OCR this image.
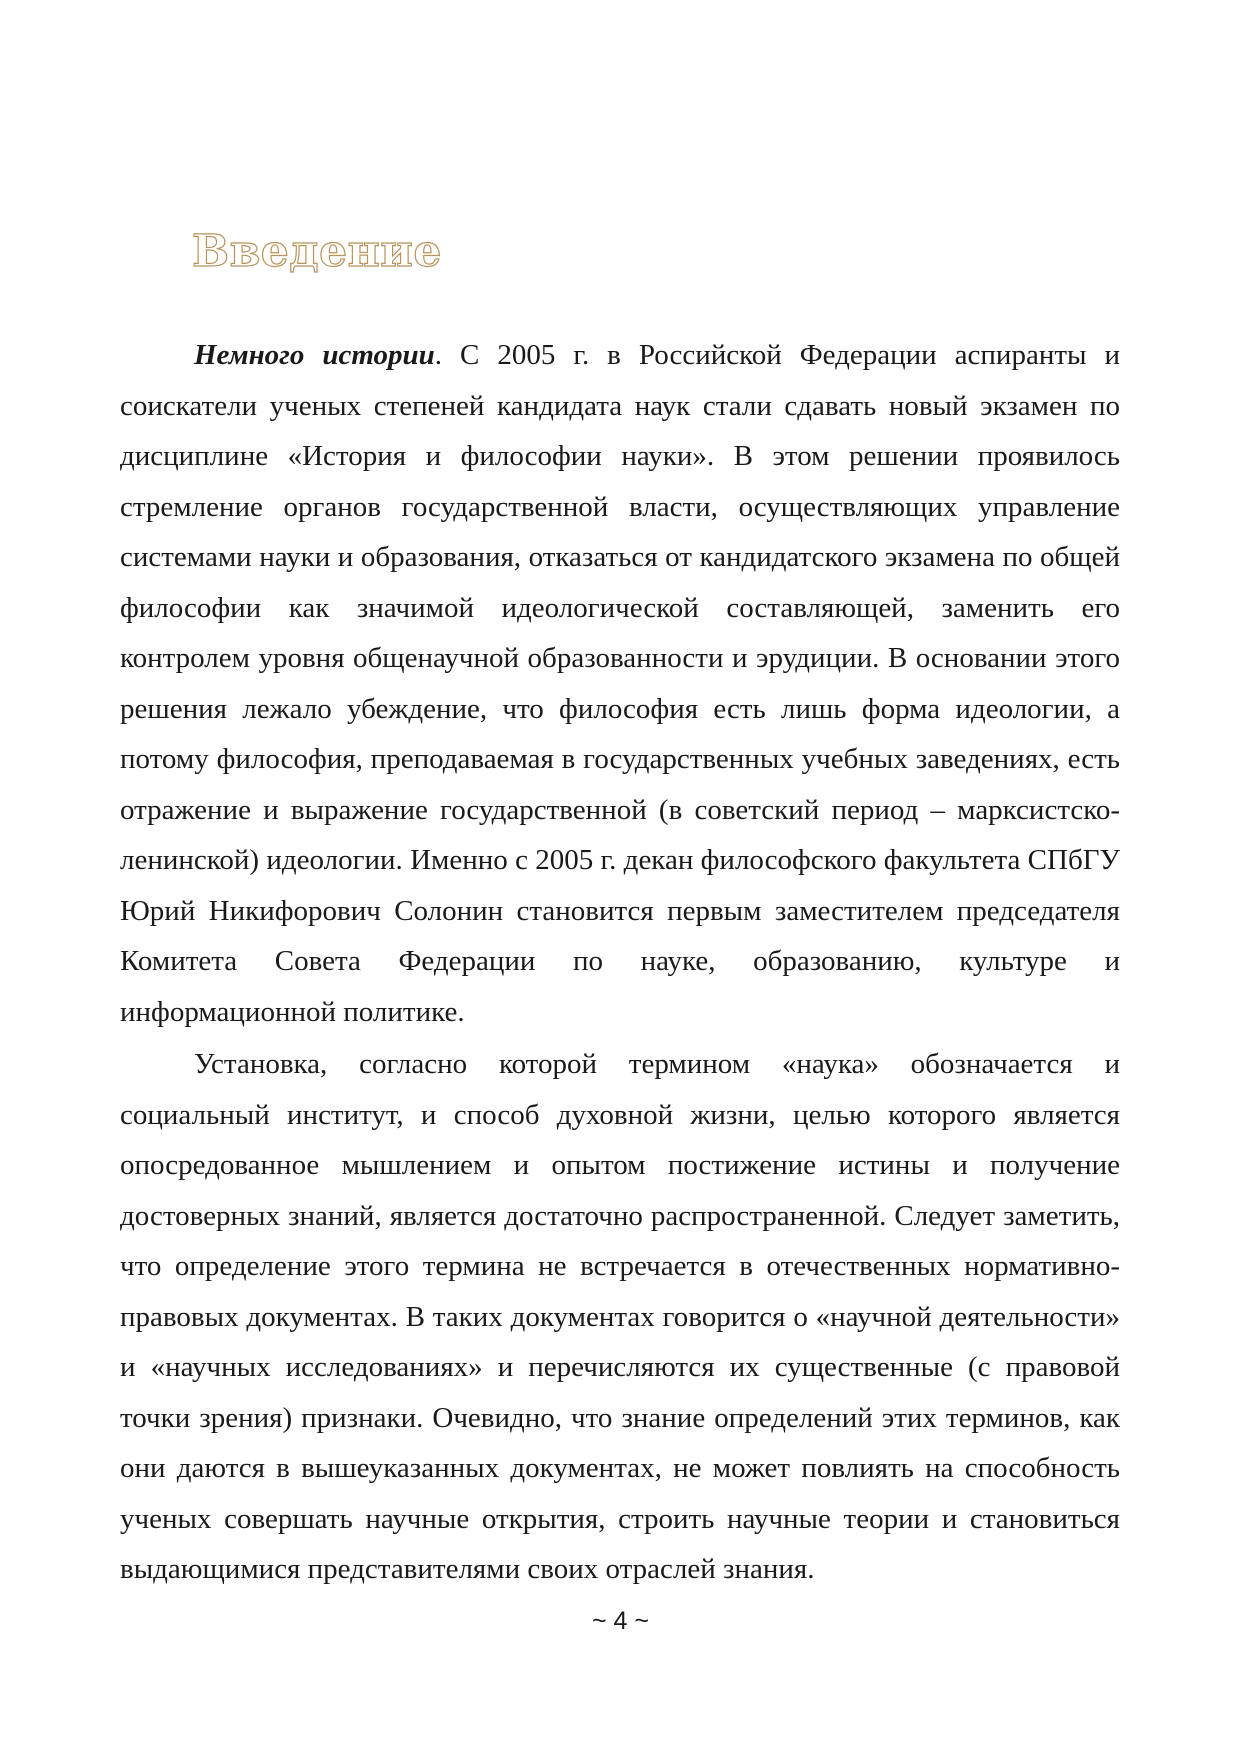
Введение

Немного истории. С 2005 г. в Российской Федерации аспиранты и соискатели ученых степеней кандидата наук стали сдавать новый экзамен по дисциплине «История и философии науки». В этом решении проявилось стремление органов государственной власти, осуществляющих управление системами науки и образования, отказаться от кандидатского экзамена по общей философии как значимой идеологической составляющей, заменить его контролем уровня общенаучной образованности и эрудиции. В основании этого решения лежало убеждение, что философия есть лишь форма идеологии, а потому философия, преподаваемая в государственных учебных заведениях, есть отражение и выражение государственной (в советский период – марксистско-ленинской) идеологии. Именно с 2005 г. декан философского факультета СПбГУ Юрий Никифорович Солонин становится первым заместителем председателя Комитета Совета Федерации по науке, образованию, культуре и информационной политике.

Установка, согласно которой термином «наука» обозначается и социальный институт, и способ духовной жизни, целью которого является опосредованное мышлением и опытом постижение истины и получение достоверных знаний, является достаточно распространенной. Следует заметить, что определение этого термина не встречается в отечественных нормативно-правовых документах. В таких документах говорится о «научной деятельности» и «научных исследованиях» и перечисляются их существенные (с правовой точки зрения) признаки. Очевидно, что знание определений этих терминов, как они даются в вышеуказанных документах, не может повлиять на способность ученых совершать научные открытия, строить научные теории и становиться выдающимися представителями своих отраслей знания.

~ 4 ~
